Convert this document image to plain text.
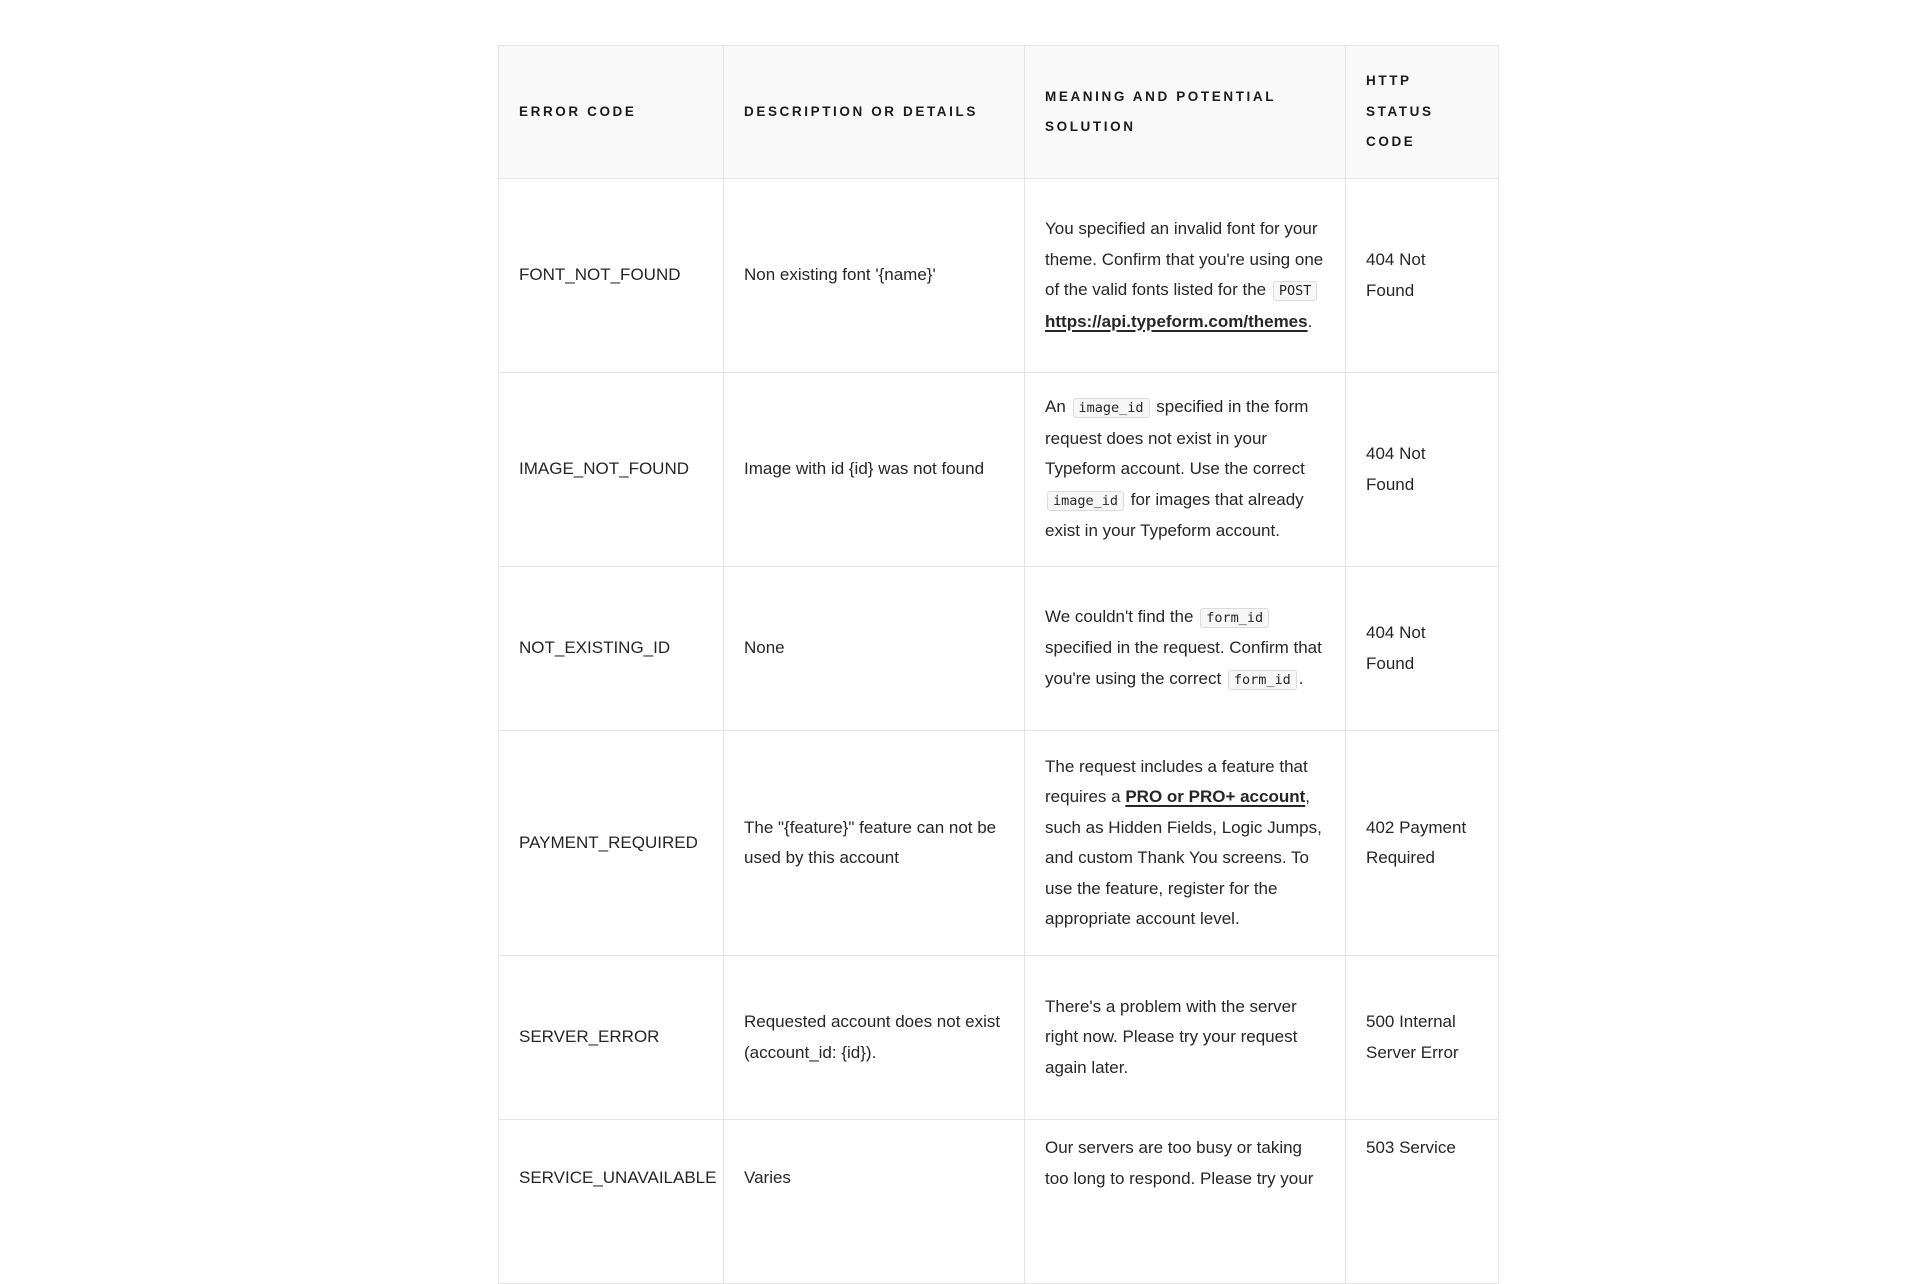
ERROR CODE	DESCRIPTION OR DETAILS	MEANING AND POTENTIAL SOLUTION	HTTP STATUS CODE
FONT_NOT_FOUND	Non existing font '{name}'	You specified an invalid font for your theme. Confirm that you're using one of the valid fonts listed for the POST https://api.typeform.com/themes.	404 Not Found
IMAGE_NOT_FOUND	Image with id {id} was not found	An image_id specified in the form request does not exist in your Typeform account. Use the correct image_id for images that already exist in your Typeform account.	404 Not Found
NOT_EXISTING_ID	None	We couldn't find the form_id specified in the request. Confirm that you're using the correct form_id .	404 Not Found
PAYMENT_REQUIRED	The "{feature}" feature can not be used by this account	The request includes a feature that requires a PRO or PRO+ account, such as Hidden Fields, Logic Jumps, and custom Thank You screens. To use the feature, register for the appropriate account level.	402 Payment Required
SERVER_ERROR	Requested account does not exist (account_id: {id}).	There's a problem with the server right now. Please try your request again later.	500 Internal Server Error
SERVICE_UNAVAILABLE	Varies	Our servers are too busy or taking too long to respond. Please try your	503 Service
